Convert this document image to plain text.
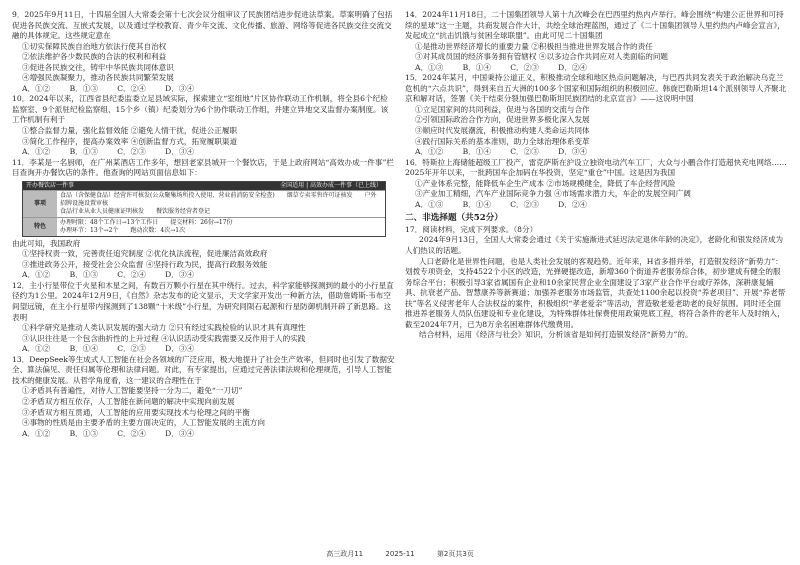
9．2025年9月11日，十四届全国人大常委会第十七次会议分组审议了民族团结进步促进法草案。草案明确了包括促进各民族交流、互嵌式发展，以及通过学校教育、青少年交流、文化传播、旅游、网络等促进各民族交往交流交融的具体规定。这些规定意在

①切实保障民族自治地方依法行使其自治权

②依法维护各少数民族的合法的权利和利益

③促进各民族交往，铸牢中华民族共同体意识

④增强民族凝聚力，推动各民族共同繁荣发展

A．①②        B．①③        C．②④        D．③④

10．2024年以来，江西省县纪委监委立足县域实际，探索建立“室组地”片区协作联动工作机制，将全县6个纪检监察室、9个派驻纪检监察组、15个乡（镇）纪委划分为6个协作联动工作组，并建立异地交叉监督办案制度。该工作机制有利于

①整合监督力量，强化监督效能 ②避免人情干扰，促进公正履职

③简化工作程序，提高办案效率 ④创新监督方式，拓宽履职渠道

A．①②        B．①③        C．②③        D．③④

11．李某是一名厨师，在广州某酒店工作多年，想回老家县城开一个餐饮店，于是上政府网站“高效办成一件事”栏目查询开办餐饮店的条件。他查询的网站页面信息如下：

开办餐饮店一件事	全国适用 | 高效办成一件事（已上线）
事项
食品（含保健食品）经营许可核发(公众聚集场所投入使用、营业前消防安全检查) 烟草专卖零售许可证核发 户外招牌设施设置审核
食品行业从业人员健康证明核发 餐饮服务经营者登记
特色
办理时限：48个工作日→13个工作日 提交材料：26份→17份
办理环节：13个→2个 跑动次数：4次→1次

由此可知，我国政府

①坚持权责一致，完善责任追究制度 ②优化执法流程，促进廉洁高效政府

③推进政务公开，接受社会公众监督 ④坚持行政为民，提高行政服务效能

A．①②        B．①③        C．②④        D．③④

12．主小行星带位于火星和木星之间，有数百万颗小行星在其中绕行。过去，科学家能够探测到的最小的小行星直径约为1公里。2024年12月9日，《自然》杂志发布的论文显示，天文学家开发出一种新方法，借助詹姆斯·韦布空间望远镜，在主小行星带内探测到了138颗“十米级”小行星，为研究同陨石起源和行星防御机制开辟了新思路。这表明

①科学研究是推动人类认识发展的强大动力 ②只有经过实践检验的认识才具有真理性

③认识往往是一个包含曲折性的上升过程 ④认识活动受实践需要又反作用于人的实践

A．①②        B．①④        C．②③        D．③④

13．DeepSeek等生成式人工智能在社会各领域的广泛应用，极大地提升了社会生产效率，但同时也引发了数据安全、算法偏见、责任归属等伦理和法律问题。对此，有专家提出，应通过完善法律法规和伦理规范，引导人工智能技术的健康发展。从哲学角度看，这一建议的合理性在于

①矛盾具有普遍性，对待人工智能要坚持一分为二，避免“一刀切”

②矛盾双方相互依存，人工智能在新问题的解决中实现向前发展

③矛盾双方相互贯通，人工智能的应用要实现技术与伦理之间的平衡

④事物的性质是由主要矛盾的主要方面决定的，人工智能发展的主流方向

A．①②        B．①③        C．②④        D．③④

14．2024年11月18日，二十国集团领导人第十九次峰会在巴西里约热内卢举行。峰会围绕“构建公正世界和可持续的星球”这一主题，共商发展合作大计，共绘全球治理蓝图，通过了《二十国集团领导人里约热内卢峰会宣言》，发起成立“抗击饥饿与贫困全球联盟”。由此可见二十国集团

①是推动世界经济增长的重要力量 ②积极担当推进世界发展合作的责任

③对其成员国的经济事务拥有管辖权 ④以多边合作共同应对人类面临的问题

A．①③        B．①④        C．②③        D．②④

15．2024年某月，中国秉持公道正义，积极推动全球和地区热点问题解决，与巴西共同发表关于政治解决乌克兰危机的“六点共识”，得到来自五大洲的100多个国家和国际组织的积极回应。韩旋巴勒斯坦14个派别领导人齐聚北京和解对话，签署《关于结束分裂加强巴勒斯坦民族团结的北京宣言》——这说明中国

①立足国家间的共同利益，促进与各国的交流与合作

②引领国际政治合作方向，促进世界多极化深入发展

③顺应时代发展潮流，积极推动构建人类命运共同体

④践行国际关系的基本准则，助力全球治理体系变革

A．①②        B．①④        C．②③        D．③④

16．特斯拉上海储能超级工厂投产，雷克萨斯在沪设立独资电动汽车工厂，大众与小鹏合作打造超快充电网络……2025年开年以来，一批跨国车企加码在华投资，坚定“重仓”中国。这是因为我国

①产业体系完整，能降低车企生产成本 ②市场规模健全，降低了车企经营风险

③产业加工精细，汽车产业国际竞争力强 ④市场需求潜力大，车企的发展空间广阔

A．①③        B．①④        C．②③        D．②④

二、非选择题（共52分）

17．阅读材料，完成下列要求。（8分）

2024年9月13日，全国人大常委会通过《关于实施渐进式延迟法定退休年龄的决定》，老龄化和银发经济成为人们热议的话题。

人口老龄化是世界性问题，也是人类社会发展的客观趋势。近年来，H省多措并举，打造银发经济“新势力”：划拨专项资金，支持4522个小区的改造，光弹硬提改造，新增360个街道养老服务综合体，初步建成有健全的服务综合平台；积极引导3家省属国有企业和10余家民营企业全面建设了3家产业合作平台或疗养体，深耕康复辅具、抗衰老产品、智慧康养等新赛道；加强养老服务市场监管，共查处1100余起以投资“养老项目”、开展“养老帮扶”等名义侵害老年人合法权益的案件，积极组织“孝老爱亲”等活动，营造敬老爱老助老的良好氛围。同时还全面推进养老服务人员队伍建设和专业化建设，为特殊群体社保费使用政策兜底工程，将符合条件的老年人及时纳入，截至2024年7月，已为8万余名困难群体代缴费用。

结合材料，运用《经济与社会》知识，分析该省是如何打造银发经济“新势力”的。

高三政月11	2025-11	第2页共3页
